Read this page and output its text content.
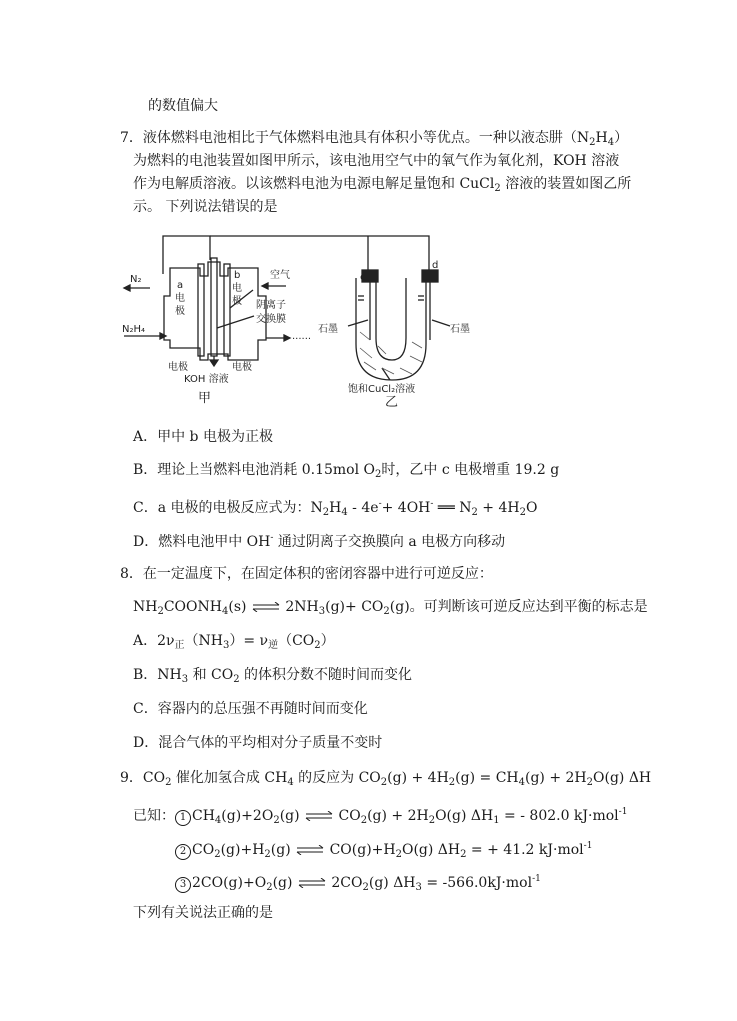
的数值偏大
7．液体燃料电池相比于气体燃料电池具有体积小等优点。一种以液态肼$(N_2H_4)$
为燃料的电池装置如图甲所示，该电池用空气中的氧气作为氧化剂，KOH 溶液
作为电解质溶液。以该燃料电池为电源电解足量饱和 CuCl$_2$ 溶液的装置如图乙所
示。 下列说法错误的是
N₂	空气
N₂H₄
a
电
极
b
电
极 阴离子
交换膜
······
电极	电极
KOH 溶液
甲
c
d
石墨	石墨
饱和CuCl₂溶液
乙
A．甲中 b 电极为正极
B．理论上当燃料电池消耗 0.15mol $O_2$时，乙中 c 电极增重 19.2 g
C．a 电极的电极反应式为：$N_2H_4 - 4e^-+ 4OH^-$ ══ $N_2 + 4H_2O$
D．燃料电池甲中 OH- 通过阴离子交换膜向 a 电极方向移动
8．在一定温度下，在固定体积的密闭容器中进行可逆反应：
$NH_2COONH_4(s)$ ⇌ $2NH_3(g)+ CO_2(g)$。可判断该可逆反应达到平衡的标志是
A．$2\nu_正(NH_3)= \nu_逆(CO_2)$
B．$NH_3$ 和 $CO_2$ 的体积分数不随时间而变化
C．容器内的总压强不再随时间而变化
D．混合气体的平均相对分子质量不变时
9．$CO_2$ 催化加氢合成 $CH_4$ 的反应为 $CO_2(g) + 4H_2(g) = CH_4(g) + 2H_2O(g)$ ΔH
已知： 1 $CH_4(g)+2O_2(g)$ ⇌ $CO_2(g) + 2H_2O(g) \Delta H_1$ = - 802.0 kJ·mol$^{-1}$
2 $CO_2(g)+H_2(g)$ ⇌ $CO(g)+H_2O(g) \Delta H_2$ = + 41.2 kJ·mol$^{-1}$
3 $2CO(g)+O_2(g)$ ⇌ $2CO_2(g) \Delta H_3 = -566.0kJ\cdot mol^{-1}$
下列有关说法正确的是
